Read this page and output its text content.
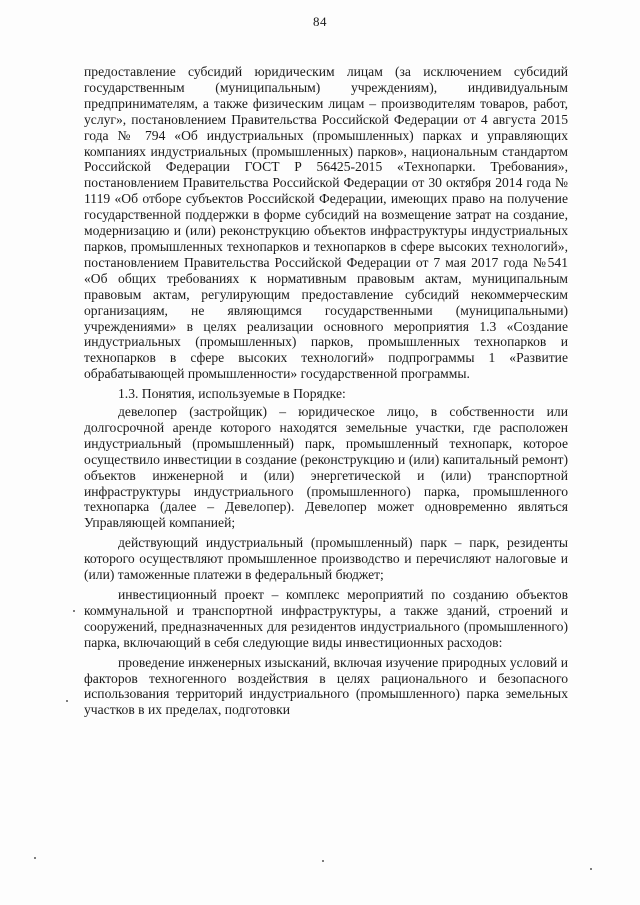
84

предоставление субсидий юридическим лицам (за исключением субсидий государственным (муниципальным) учреждениям), индивидуальным предпринимателям, а также физическим лицам – производителям товаров, работ, услуг», постановлением Правительства Российской Федерации от 4 августа 2015 года № 794 «Об индустриальных (промышленных) парках и управляющих компаниях индустриальных (промышленных) парков», национальным стандартом Российской Федерации ГОСТ Р 56425-2015 «Технопарки. Требования», постановлением Правительства Российской Федерации от 30 октября 2014 года № 1119 «Об отборе субъектов Российской Федерации, имеющих право на получение государственной поддержки в форме субсидий на возмещение затрат на создание, модернизацию и (или) реконструкцию объектов инфраструктуры индустриальных парков, промышленных технопарков и технопарков в сфере высоких технологий», постановлением Правительства Российской Федерации от 7 мая 2017 года №541 «Об общих требованиях к нормативным правовым актам, муниципальным правовым актам, регулирующим предоставление субсидий некоммерческим организациям, не являющимся государственными (муниципальными) учреждениями» в целях реализации основного мероприятия 1.3 «Создание индустриальных (промышленных) парков, промышленных технопарков и технопарков в сфере высоких технологий» подпрограммы 1 «Развитие обрабатывающей промышленности» государственной программы.

1.3. Понятия, используемые в Порядке:

девелопер (застройщик) – юридическое лицо, в собственности или долгосрочной аренде которого находятся земельные участки, где расположен индустриальный (промышленный) парк, промышленный технопарк, которое осуществило инвестиции в создание (реконструкцию и (или) капитальный ремонт) объектов инженерной и (или) энергетической и (или) транспортной инфраструктуры индустриального (промышленного) парка, промышленного технопарка (далее – Девелопер). Девелопер может одновременно являться Управляющей компанией;

действующий индустриальный (промышленный) парк – парк, резиденты которого осуществляют промышленное производство и перечисляют налоговые и (или) таможенные платежи в федеральный бюджет;

инвестиционный проект – комплекс мероприятий по созданию объектов коммунальной и транспортной инфраструктуры, а также зданий, строений и сооружений, предназначенных для резидентов индустриального (промышленного) парка, включающий в себя следующие виды инвестиционных расходов:

проведение инженерных изысканий, включая изучение природных условий и факторов техногенного воздействия в целях рационального и безопасного использования территорий индустриального (промышленного) парка земельных участков в их пределах, подготовки
